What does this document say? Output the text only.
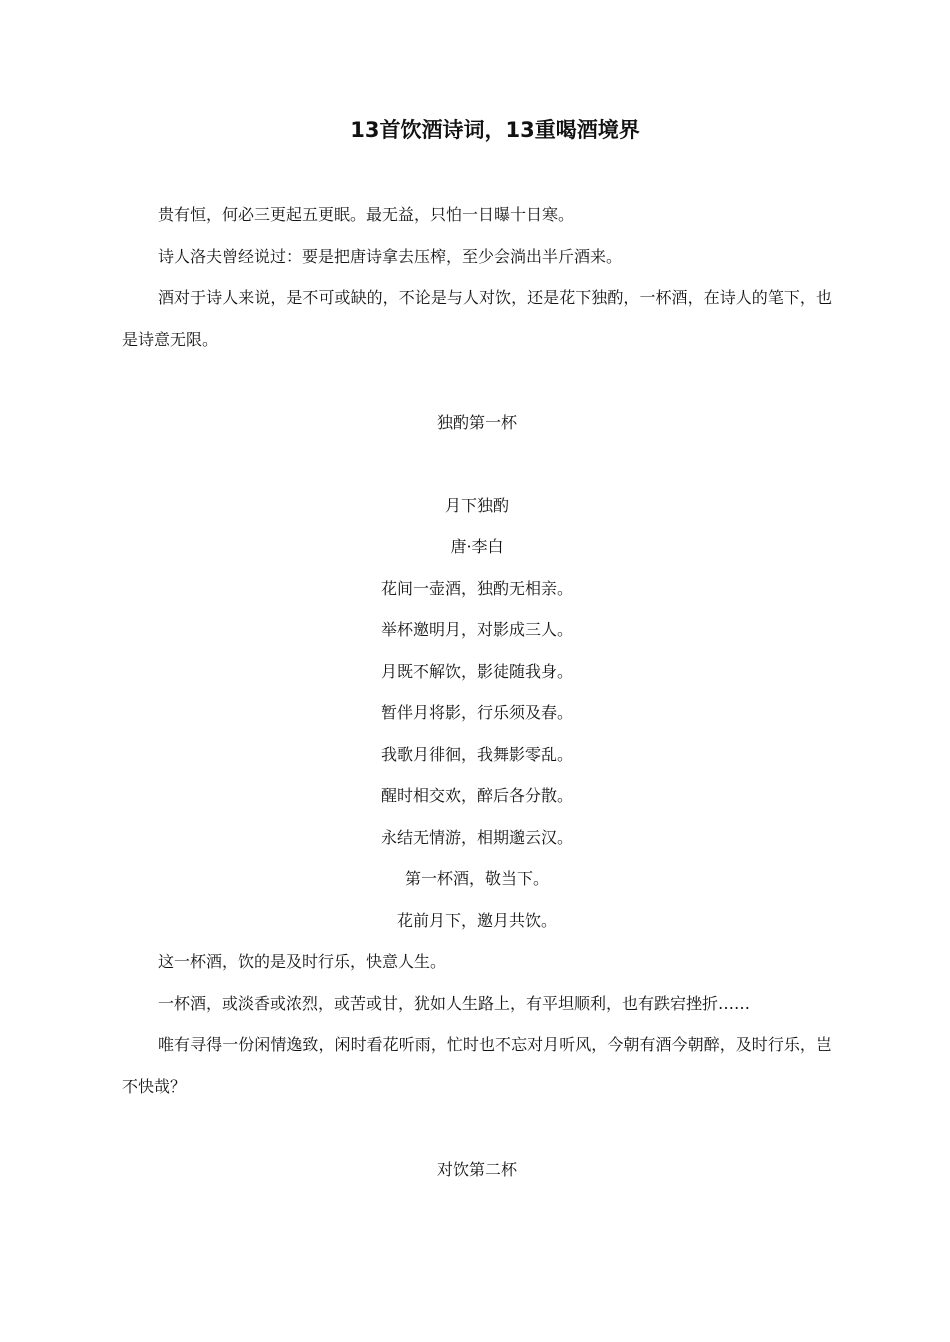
13首饮酒诗词，13重喝酒境界

贵有恒，何必三更起五更眠。最无益，只怕一日曝十日寒。

诗人洛夫曾经说过：要是把唐诗拿去压榨，至少会淌出半斤酒来。

酒对于诗人来说，是不可或缺的，不论是与人对饮，还是花下独酌，一杯酒，在诗人的笔下，也是诗意无限。

独酌第一杯

月下独酌

唐·李白

花间一壶酒，独酌无相亲。

举杯邀明月，对影成三人。

月既不解饮，影徒随我身。

暂伴月将影，行乐须及春。

我歌月徘徊，我舞影零乱。

醒时相交欢，醉后各分散。

永结无情游，相期邈云汉。

第一杯酒，敬当下。

花前月下，邀月共饮。

这一杯酒，饮的是及时行乐，快意人生。

一杯酒，或淡香或浓烈，或苦或甘，犹如人生路上，有平坦顺利，也有跌宕挫折……

唯有寻得一份闲情逸致，闲时看花听雨，忙时也不忘对月听风，今朝有酒今朝醉，及时行乐，岂不快哉？

对饮第二杯
